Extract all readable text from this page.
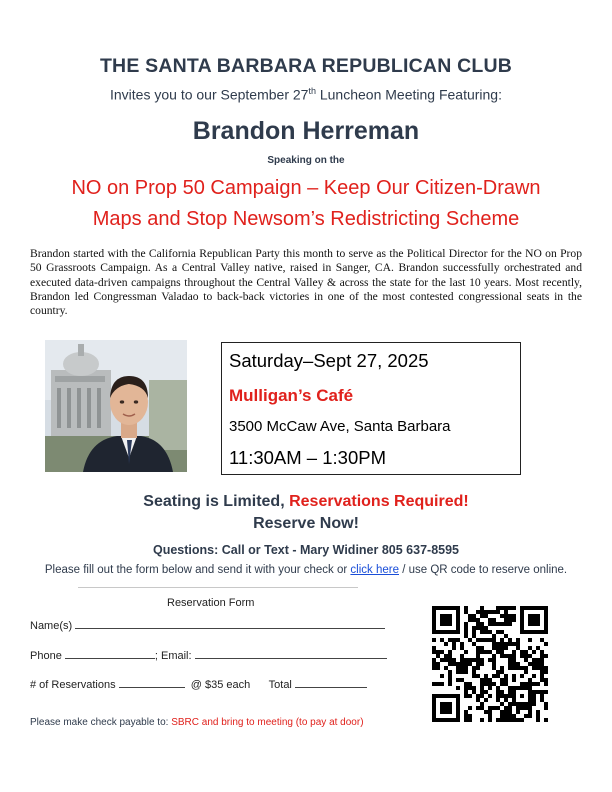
THE SANTA BARBARA REPUBLICAN CLUB
Invites you to our September 27th Luncheon Meeting Featuring:
Brandon Herreman
Speaking on the
NO on Prop 50 Campaign – Keep Our Citizen-Drawn
Maps and Stop Newsom’s Redistricting Scheme
Brandon started with the California Republican Party this month to serve as the Political Director for the NO on Prop 50 Grassroots Campaign. As a Central Valley native, raised in Sanger, CA. Brandon successfully orchestrated and executed data-driven campaigns throughout the Central Valley & across the state for the last 10 years. Most recently, Brandon led Congressman Valadao to back-back victories in one of the most contested congressional seats in the country.
Saturday–Sept 27, 2025
Mulligan’s Café
3500 McCaw Ave, Santa Barbara
11:30AM – 1:30PM
Seating is Limited, Reservations Required!
Reserve Now!
Questions: Call or Text - Mary Widiner 805 637-8595
Please fill out the form below and send it with your check or click here / use QR code to reserve online.
Reservation Form
Name(s)
Phone	; Email:
# of Reservations	@ $35 each Total
Please make check payable to: SBRC and bring to meeting (to pay at door)
